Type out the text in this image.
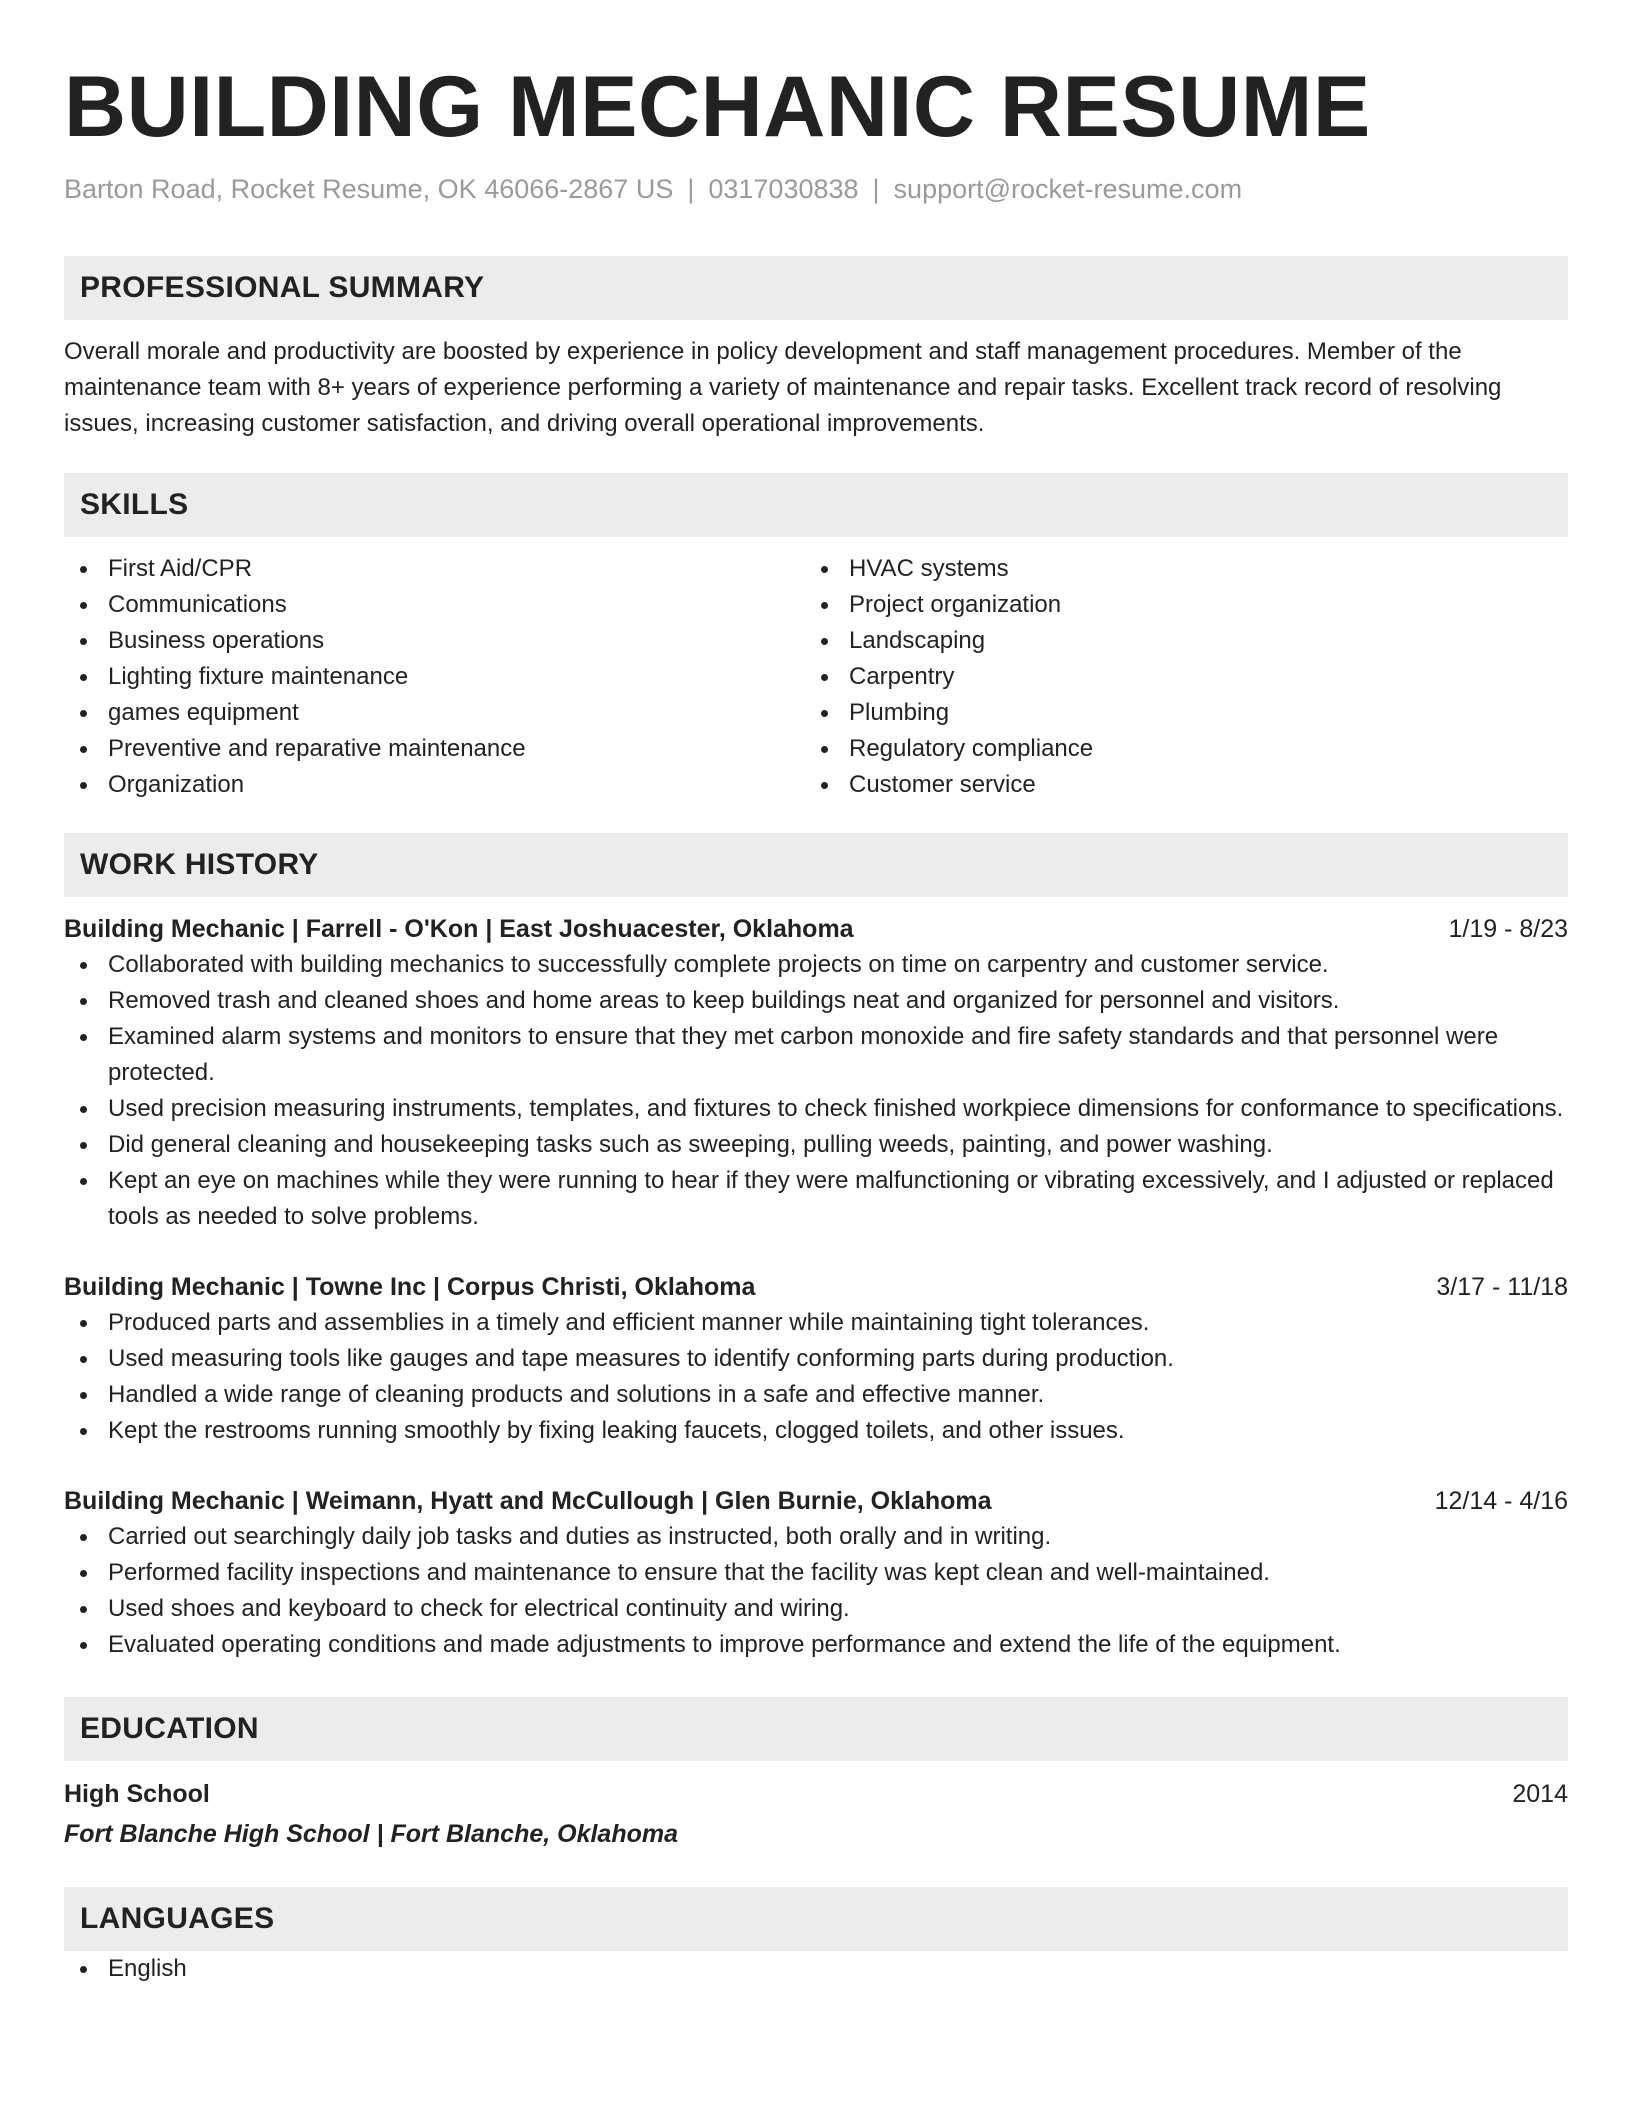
BUILDING MECHANIC RESUME
Barton Road, Rocket Resume, OK 46066-2867 US | 0317030838 | support@rocket-resume.com
PROFESSIONAL SUMMARY
Overall morale and productivity are boosted by experience in policy development and staff management procedures. Member of the maintenance team with 8+ years of experience performing a variety of maintenance and repair tasks. Excellent track record of resolving issues, increasing customer satisfaction, and driving overall operational improvements.
SKILLS
First Aid/CPR
Communications
Business operations
Lighting fixture maintenance
games equipment
Preventive and reparative maintenance
Organization
HVAC systems
Project organization
Landscaping
Carpentry
Plumbing
Regulatory compliance
Customer service
WORK HISTORY
Building Mechanic | Farrell - O'Kon | East Joshuacester, Oklahoma	1/19 - 8/23
Collaborated with building mechanics to successfully complete projects on time on carpentry and customer service.
Removed trash and cleaned shoes and home areas to keep buildings neat and organized for personnel and visitors.
Examined alarm systems and monitors to ensure that they met carbon monoxide and fire safety standards and that personnel were protected.
Used precision measuring instruments, templates, and fixtures to check finished workpiece dimensions for conformance to specifications.
Did general cleaning and housekeeping tasks such as sweeping, pulling weeds, painting, and power washing.
Kept an eye on machines while they were running to hear if they were malfunctioning or vibrating excessively, and I adjusted or replaced tools as needed to solve problems.
Building Mechanic | Towne Inc | Corpus Christi, Oklahoma	3/17 - 11/18
Produced parts and assemblies in a timely and efficient manner while maintaining tight tolerances.
Used measuring tools like gauges and tape measures to identify conforming parts during production.
Handled a wide range of cleaning products and solutions in a safe and effective manner.
Kept the restrooms running smoothly by fixing leaking faucets, clogged toilets, and other issues.
Building Mechanic | Weimann, Hyatt and McCullough | Glen Burnie, Oklahoma	12/14 - 4/16
Carried out searchingly daily job tasks and duties as instructed, both orally and in writing.
Performed facility inspections and maintenance to ensure that the facility was kept clean and well-maintained.
Used shoes and keyboard to check for electrical continuity and wiring.
Evaluated operating conditions and made adjustments to improve performance and extend the life of the equipment.
EDUCATION
High School	2014
Fort Blanche High School | Fort Blanche, Oklahoma
LANGUAGES
English
